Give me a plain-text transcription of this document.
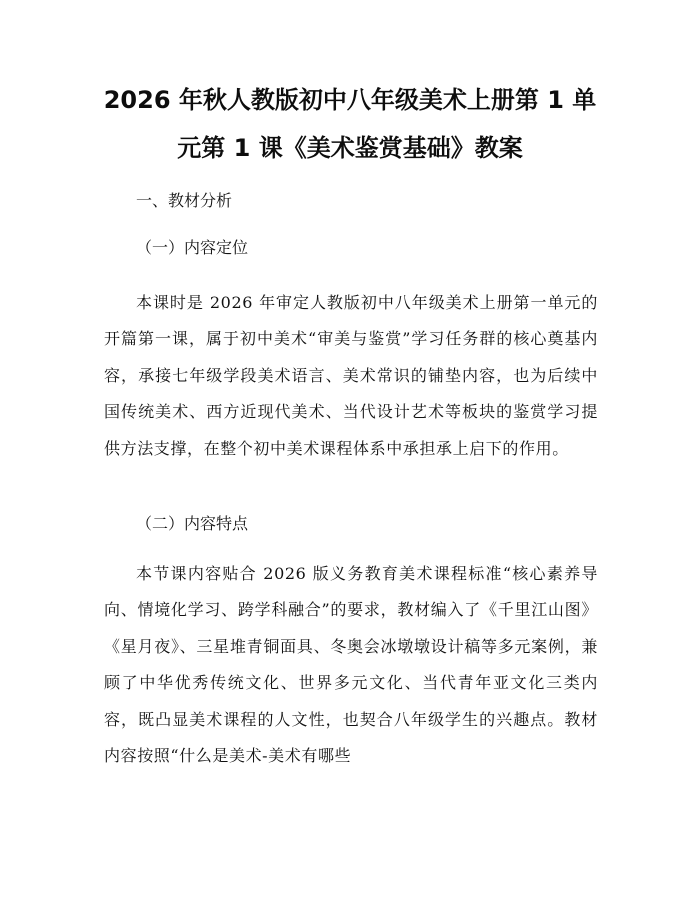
2026 年秋人教版初中八年级美术上册第 1 单
元第 1 课《美术鉴赏基础》教案

一、教材分析

（一）内容定位

本课时是 2026 年审定人教版初中八年级美术上册第一单元的开篇第一课，属于初中美术“审美与鉴赏”学习任务群的核心奠基内容，承接七年级学段美术语言、美术常识的铺垫内容，也为后续中国传统美术、西方近现代美术、当代设计艺术等板块的鉴赏学习提供方法支撑，在整个初中美术课程体系中承担承上启下的作用。

（二）内容特点

本节课内容贴合 2026 版义务教育美术课程标准“核心素养导向、情境化学习、跨学科融合”的要求，教材编入了《千里江山图》《星月夜》、三星堆青铜面具、冬奥会冰墩墩设计稿等多元案例，兼顾了中华优秀传统文化、世界多元文化、当代青年亚文化三类内容，既凸显美术课程的人文性，也契合八年级学生的兴趣点。教材内容按照“什么是美术-美术有哪些
